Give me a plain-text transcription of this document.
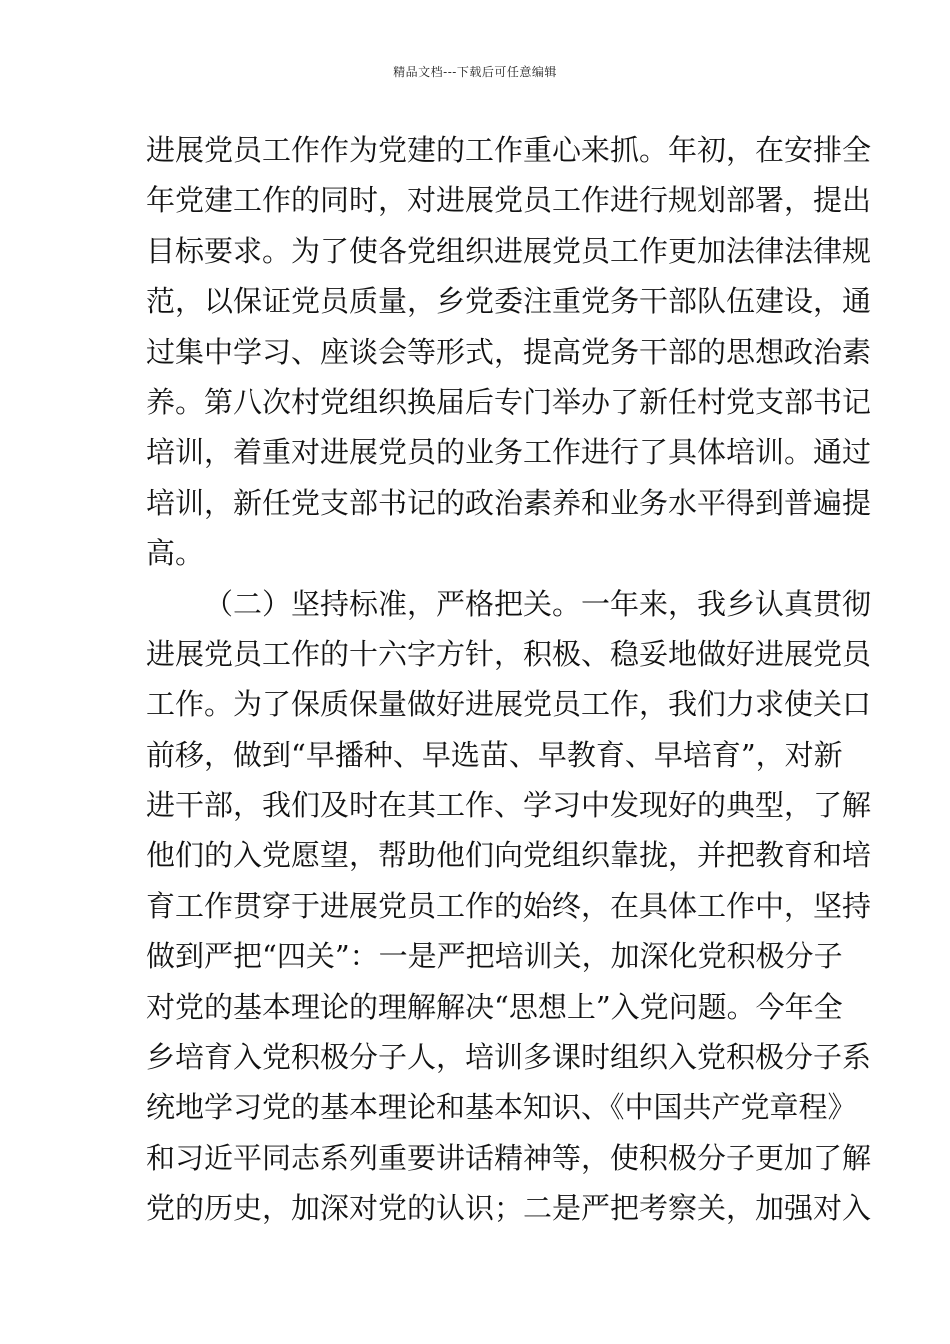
精品文档---下载后可任意编辑
进展党员工作作为党建的工作重心来抓。年初，在安排全
年党建工作的同时，对进展党员工作进行规划部署，提出
目标要求。为了使各党组织进展党员工作更加法律法律规
范，以保证党员质量，乡党委注重党务干部队伍建设，通
过集中学习、座谈会等形式，提高党务干部的思想政治素
养。第八次村党组织换届后专门举办了新任村党支部书记
培训，着重对进展党员的业务工作进行了具体培训。通过
培训，新任党支部书记的政治素养和业务水平得到普遍提
高。
（二）坚持标准，严格把关。一年来，我乡认真贯彻
进展党员工作的十六字方针，积极、稳妥地做好进展党员
工作。为了保质保量做好进展党员工作，我们力求使关口
前移，做到“早播种、早选苗、早教育、早培育”，对新
进干部，我们及时在其工作、学习中发现好的典型，了解
他们的入党愿望，帮助他们向党组织靠拢，并把教育和培
育工作贯穿于进展党员工作的始终，在具体工作中，坚持
做到严把“四关”：一是严把培训关，加深化党积极分子
对党的基本理论的理解解决“思想上”入党问题。今年全
乡培育入党积极分子人，培训多课时组织入党积极分子系
统地学习党的基本理论和基本知识、《中国共产党章程》
和习近平同志系列重要讲话精神等，使积极分子更加了解
党的历史，加深对党的认识；二是严把考察关，加强对入
